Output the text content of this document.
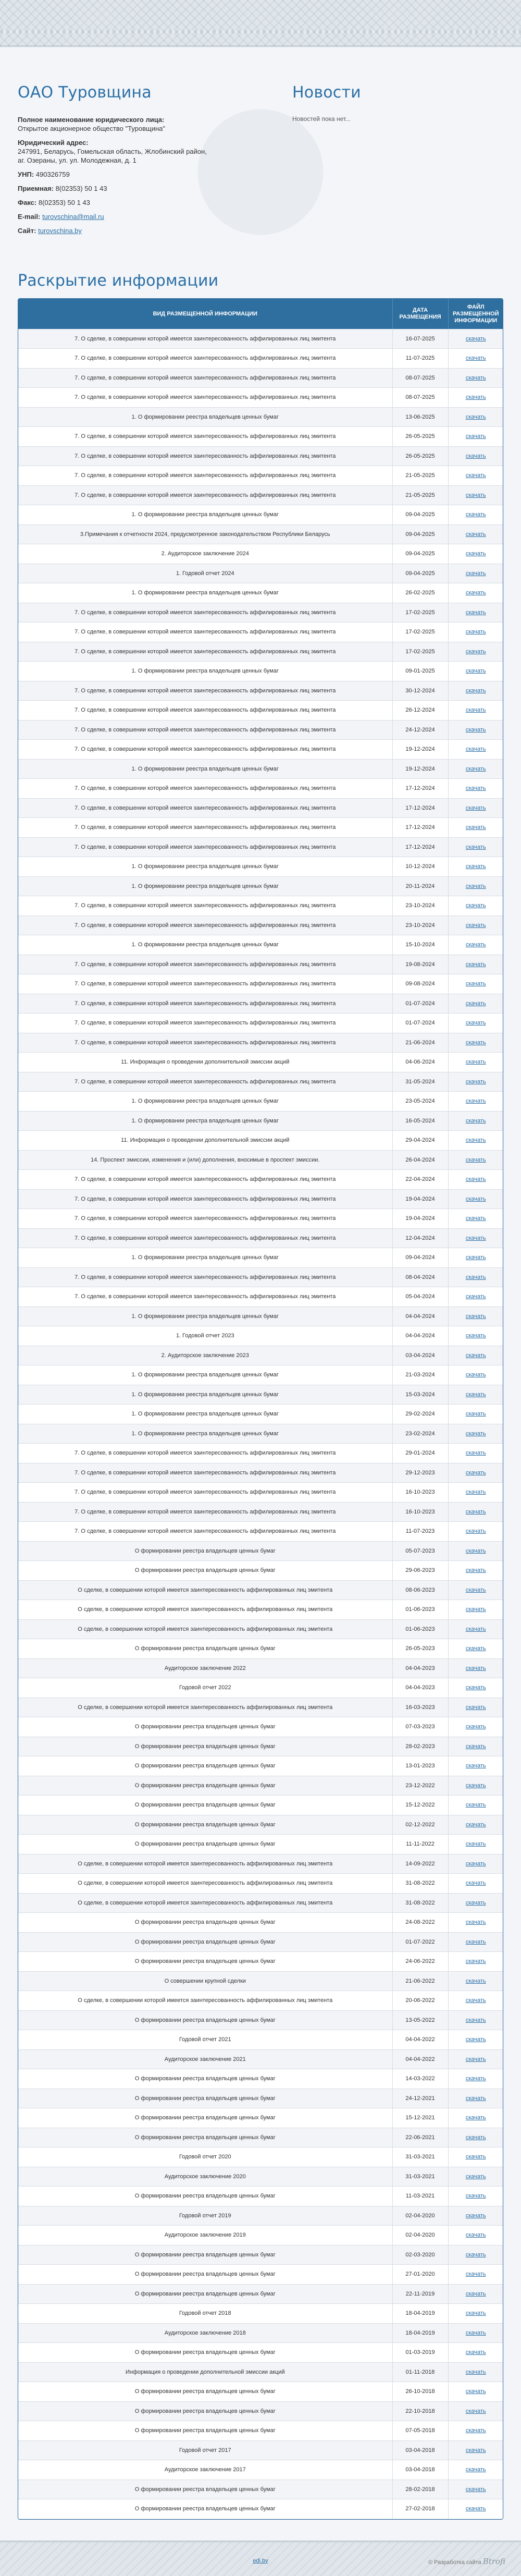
ОАО Туровщина

Полное наименование юридического лица:
Открытое акционерное общество "Туровщина"

Юридический адрес:
247991, Беларусь, Гомельская область, Жлобинский район,
аг. Озераны, ул. ул. Молодежная, д. 1

УНП: 490326759

Приемная: 8(02353) 50 1 43

Факс: 8(02353) 50 1 43

E-mail: turovschina@mail.ru

Сайт: turovschina.by

Новости
Новостей пока нет...
Раскрытие информации
ВИД РАЗМЕЩЕННОЙ ИНФОРМАЦИИ	ДАТА РАЗМЕЩЕНИЯ	ФАЙЛ РАЗМЕЩЕННОЙ ИНФОРМАЦИИ
7. О сделке, в совершении которой имеется заинтересованность аффилированных лиц эмитента	16-07-2025	скачать
7. О сделке, в совершении которой имеется заинтересованность аффилированных лиц эмитента	11-07-2025	скачать
7. О сделке, в совершении которой имеется заинтересованность аффилированных лиц эмитента	08-07-2025	скачать
7. О сделке, в совершении которой имеется заинтересованность аффилированных лиц эмитента	08-07-2025	скачать
1. О формировании реестра владельцев ценных бумаг	13-06-2025	скачать
7. О сделке, в совершении которой имеется заинтересованность аффилированных лиц эмитента	26-05-2025	скачать
7. О сделке, в совершении которой имеется заинтересованность аффилированных лиц эмитента	26-05-2025	скачать
7. О сделке, в совершении которой имеется заинтересованность аффилированных лиц эмитента	21-05-2025	скачать
7. О сделке, в совершении которой имеется заинтересованность аффилированных лиц эмитента	21-05-2025	скачать
1. О формировании реестра владельцев ценных бумаг	09-04-2025	скачать
3.Примечания к отчетности 2024, предусмотренное законодательством Республики Беларусь	09-04-2025	скачать
2. Аудиторское заключение 2024	09-04-2025	скачать
1. Годовой отчет 2024	09-04-2025	скачать
1. О формировании реестра владельцев ценных бумаг	26-02-2025	скачать
7. О сделке, в совершении которой имеется заинтересованность аффилированных лиц эмитента	17-02-2025	скачать
7. О сделке, в совершении которой имеется заинтересованность аффилированных лиц эмитента	17-02-2025	скачать
7. О сделке, в совершении которой имеется заинтересованность аффилированных лиц эмитента	17-02-2025	скачать
1. О формировании реестра владельцев ценных бумаг	09-01-2025	скачать
7. О сделке, в совершении которой имеется заинтересованность аффилированных лиц эмитента	30-12-2024	скачать
7. О сделке, в совершении которой имеется заинтересованность аффилированных лиц эмитента	26-12-2024	скачать
7. О сделке, в совершении которой имеется заинтересованность аффилированных лиц эмитента	24-12-2024	скачать
7. О сделке, в совершении которой имеется заинтересованность аффилированных лиц эмитента	19-12-2024	скачать
1. О формировании реестра владельцев ценных бумаг	19-12-2024	скачать
7. О сделке, в совершении которой имеется заинтересованность аффилированных лиц эмитента	17-12-2024	скачать
7. О сделке, в совершении которой имеется заинтересованность аффилированных лиц эмитента	17-12-2024	скачать
7. О сделке, в совершении которой имеется заинтересованность аффилированных лиц эмитента	17-12-2024	скачать
7. О сделке, в совершении которой имеется заинтересованность аффилированных лиц эмитента	17-12-2024	скачать
1. О формировании реестра владельцев ценных бумаг	10-12-2024	скачать
1. О формировании реестра владельцев ценных бумаг	20-11-2024	скачать
7. О сделке, в совершении которой имеется заинтересованность аффилированных лиц эмитента	23-10-2024	скачать
7. О сделке, в совершении которой имеется заинтересованность аффилированных лиц эмитента	23-10-2024	скачать
1. О формировании реестра владельцев ценных бумаг	15-10-2024	скачать
7. О сделке, в совершении которой имеется заинтересованность аффилированных лиц эмитента	19-08-2024	скачать
7. О сделке, в совершении которой имеется заинтересованность аффилированных лиц эмитента	09-08-2024	скачать
7. О сделке, в совершении которой имеется заинтересованность аффилированных лиц эмитента	01-07-2024	скачать
7. О сделке, в совершении которой имеется заинтересованность аффилированных лиц эмитента	01-07-2024	скачать
7. О сделке, в совершении которой имеется заинтересованность аффилированных лиц эмитента	21-06-2024	скачать
11. Информация о проведении дополнительной эмиссии акций	04-06-2024	скачать
7. О сделке, в совершении которой имеется заинтересованность аффилированных лиц эмитента	31-05-2024	скачать
1. О формировании реестра владельцев ценных бумаг	23-05-2024	скачать
1. О формировании реестра владельцев ценных бумаг	16-05-2024	скачать
11. Информация о проведении дополнительной эмиссии акций	29-04-2024	скачать
14. Проспект эмиссии, изменения и (или) дополнения, вносимые в проспект эмиссии.	26-04-2024	скачать
7. О сделке, в совершении которой имеется заинтересованность аффилированных лиц эмитента	22-04-2024	скачать
7. О сделке, в совершении которой имеется заинтересованность аффилированных лиц эмитента	19-04-2024	скачать
7. О сделке, в совершении которой имеется заинтересованность аффилированных лиц эмитента	19-04-2024	скачать
7. О сделке, в совершении которой имеется заинтересованность аффилированных лиц эмитента	12-04-2024	скачать
1. О формировании реестра владельцев ценных бумаг	09-04-2024	скачать
7. О сделке, в совершении которой имеется заинтересованность аффилированных лиц эмитента	08-04-2024	скачать
7. О сделке, в совершении которой имеется заинтересованность аффилированных лиц эмитента	05-04-2024	скачать
1. О формировании реестра владельцев ценных бумаг	04-04-2024	скачать
1. Годовой отчет 2023	04-04-2024	скачать
2. Аудиторское заключение 2023	03-04-2024	скачать
1. О формировании реестра владельцев ценных бумаг	21-03-2024	скачать
1. О формировании реестра владельцев ценных бумаг	15-03-2024	скачать
1. О формировании реестра владельцев ценных бумаг	29-02-2024	скачать
1. О формировании реестра владельцев ценных бумаг	23-02-2024	скачать
7. О сделке, в совершении которой имеется заинтересованность аффилированных лиц эмитента	29-01-2024	скачать
7. О сделке, в совершении которой имеется заинтересованность аффилированных лиц эмитента	29-12-2023	скачать
7. О сделке, в совершении которой имеется заинтересованность аффилированных лиц эмитента	16-10-2023	скачать
7. О сделке, в совершении которой имеется заинтересованность аффилированных лиц эмитента	16-10-2023	скачать
7. О сделке, в совершении которой имеется заинтересованность аффилированных лиц эмитента	11-07-2023	скачать
О формировании реестра владельцев ценных бумаг	05-07-2023	скачать
О формировании реестра владельцев ценных бумаг	29-06-2023	скачать
О сделке, в совершении которой имеется заинтересованность аффилированных лиц эмитента	08-06-2023	скачать
О сделке, в совершении которой имеется заинтересованность аффилированных лиц эмитента	01-06-2023	скачать
О сделке, в совершении которой имеется заинтересованность аффилированных лиц эмитента	01-06-2023	скачать
О формировании реестра владельцев ценных бумаг	26-05-2023	скачать
Аудиторское заключение 2022	04-04-2023	скачать
Годовой отчет 2022	04-04-2023	скачать
О сделке, в совершении которой имеется заинтересованность аффилированных лиц эмитента	16-03-2023	скачать
О формировании реестра владельцев ценных бумаг	07-03-2023	скачать
О формировании реестра владельцев ценных бумаг	28-02-2023	скачать
О формировании реестра владельцев ценных бумаг	13-01-2023	скачать
О формировании реестра владельцев ценных бумаг	23-12-2022	скачать
О формировании реестра владельцев ценных бумаг	15-12-2022	скачать
О формировании реестра владельцев ценных бумаг	02-12-2022	скачать
О формировании реестра владельцев ценных бумаг	11-11-2022	скачать
О сделке, в совершении которой имеется заинтересованность аффилированных лиц эмитента	14-09-2022	скачать
О сделке, в совершении которой имеется заинтересованность аффилированных лиц эмитента	31-08-2022	скачать
О сделке, в совершении которой имеется заинтересованность аффилированных лиц эмитента	31-08-2022	скачать
О формировании реестра владельцев ценных бумаг	24-08-2022	скачать
О формировании реестра владельцев ценных бумаг	01-07-2022	скачать
О формировании реестра владельцев ценных бумаг	24-06-2022	скачать
О совершении крупной сделки	21-06-2022	скачать
О сделке, в совершении которой имеется заинтересованность аффилированных лиц эмитента	20-06-2022	скачать
О формировании реестра владельцев ценных бумаг	13-05-2022	скачать
Годовой отчет 2021	04-04-2022	скачать
Аудиторское заключение 2021	04-04-2022	скачать
О формировании реестра владельцев ценных бумаг	14-03-2022	скачать
О формировании реестра владельцев ценных бумаг	24-12-2021	скачать
О формировании реестра владельцев ценных бумаг	15-12-2021	скачать
О формировании реестра владельцев ценных бумаг	22-06-2021	скачать
Годовой отчет 2020	31-03-2021	скачать
Аудиторское заключение 2020	31-03-2021	скачать
О формировании реестра владельцев ценных бумаг	11-03-2021	скачать
Годовой отчет 2019	02-04-2020	скачать
Аудиторское заключение 2019	02-04-2020	скачать
О формировании реестра владельцев ценных бумаг	02-03-2020	скачать
О формировании реестра владельцев ценных бумаг	27-01-2020	скачать
О формировании реестра владельцев ценных бумаг	22-11-2019	скачать
Годовой отчет 2018	18-04-2019	скачать
Аудиторское заключение 2018	18-04-2019	скачать
О формировании реестра владельцев ценных бумаг	01-03-2019	скачать
Информация о проведении дополнительной эмиссии акций	01-11-2018	скачать
О формировании реестра владельцев ценных бумаг	26-10-2018	скачать
О формировании реестра владельцев ценных бумаг	22-10-2018	скачать
О формировании реестра владельцев ценных бумаг	07-05-2018	скачать
Годовой отчет 2017	03-04-2018	скачать
Аудиторское заключение 2017	03-04-2018	скачать
О формировании реестра владельцев ценных бумаг	28-02-2018	скачать
О формировании реестра владельцев ценных бумаг	27-02-2018	скачать
edi.by	© Разработка сайта Btrofi
